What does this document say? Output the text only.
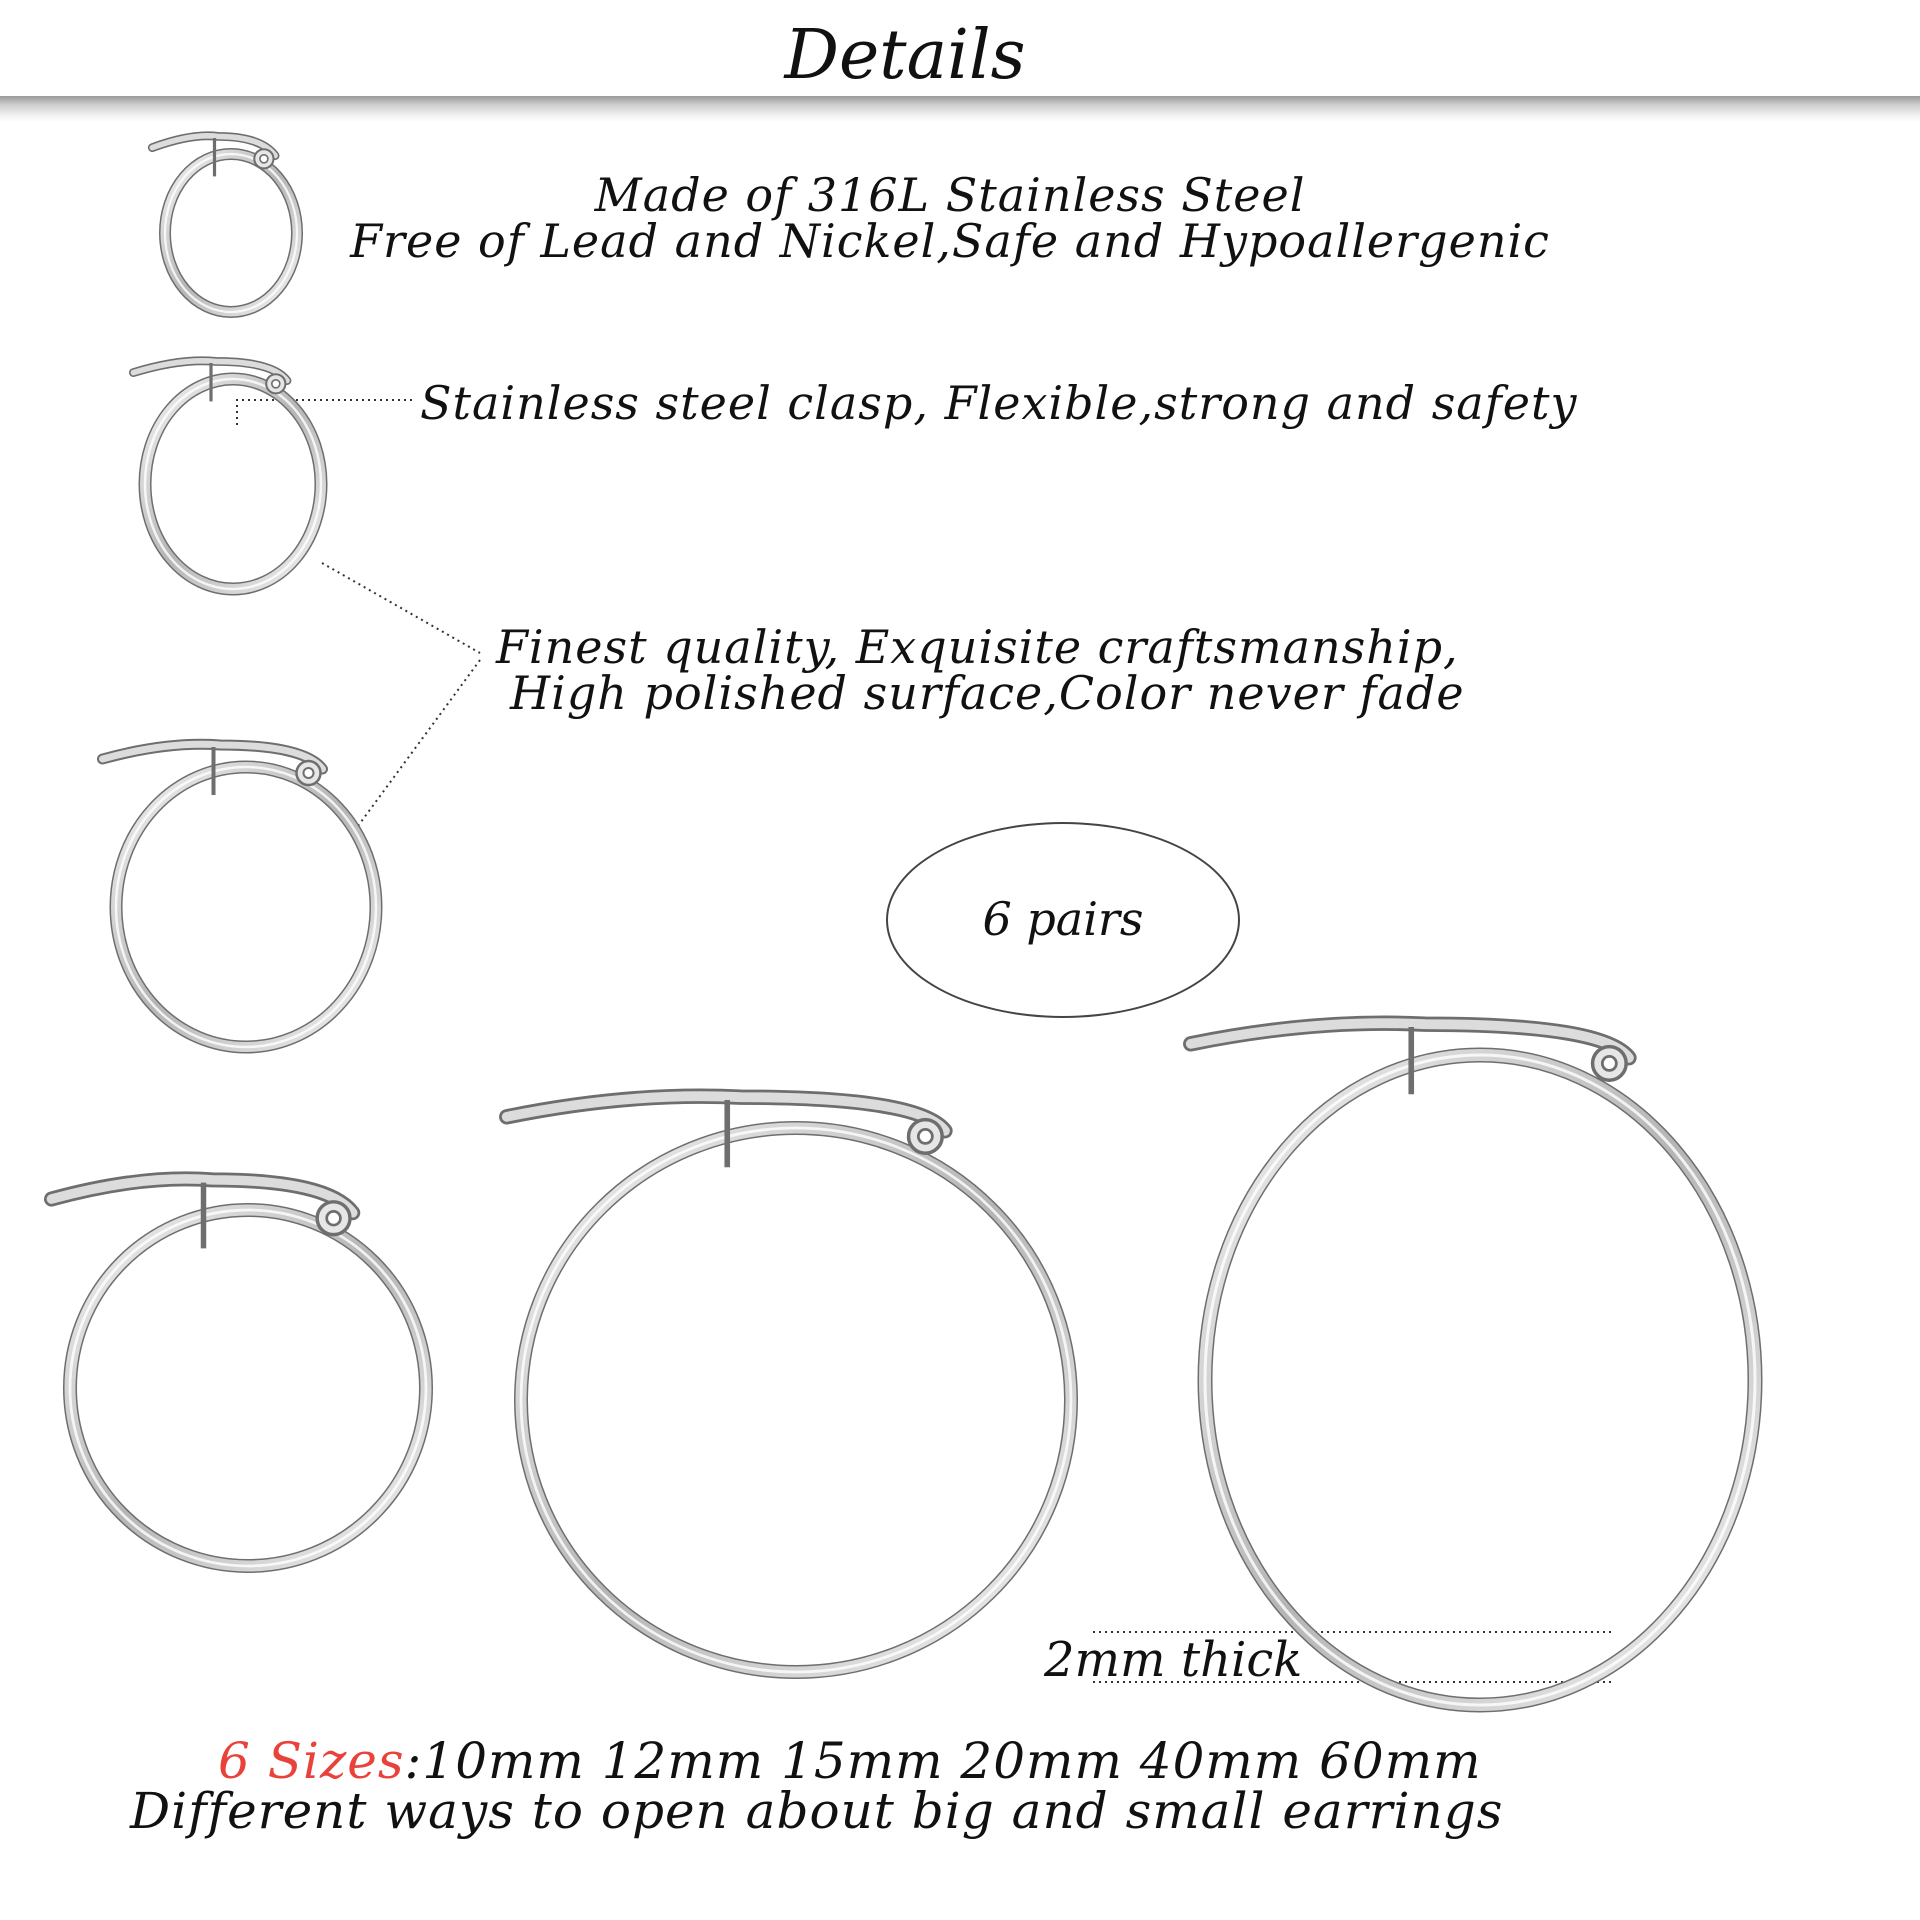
Details
Made of 316L Stainless Steel
Free of Lead and Nickel,Safe and Hypoallergenic
Stainless steel clasp, Flexible,strong and safety
Finest quality, Exquisite craftsmanship,
High polished surface,Color never fade
6 pairs
2mm thick
6 Sizes:10mm 12mm 15mm 20mm 40mm 60mm
Different ways to open about big and small earrings
